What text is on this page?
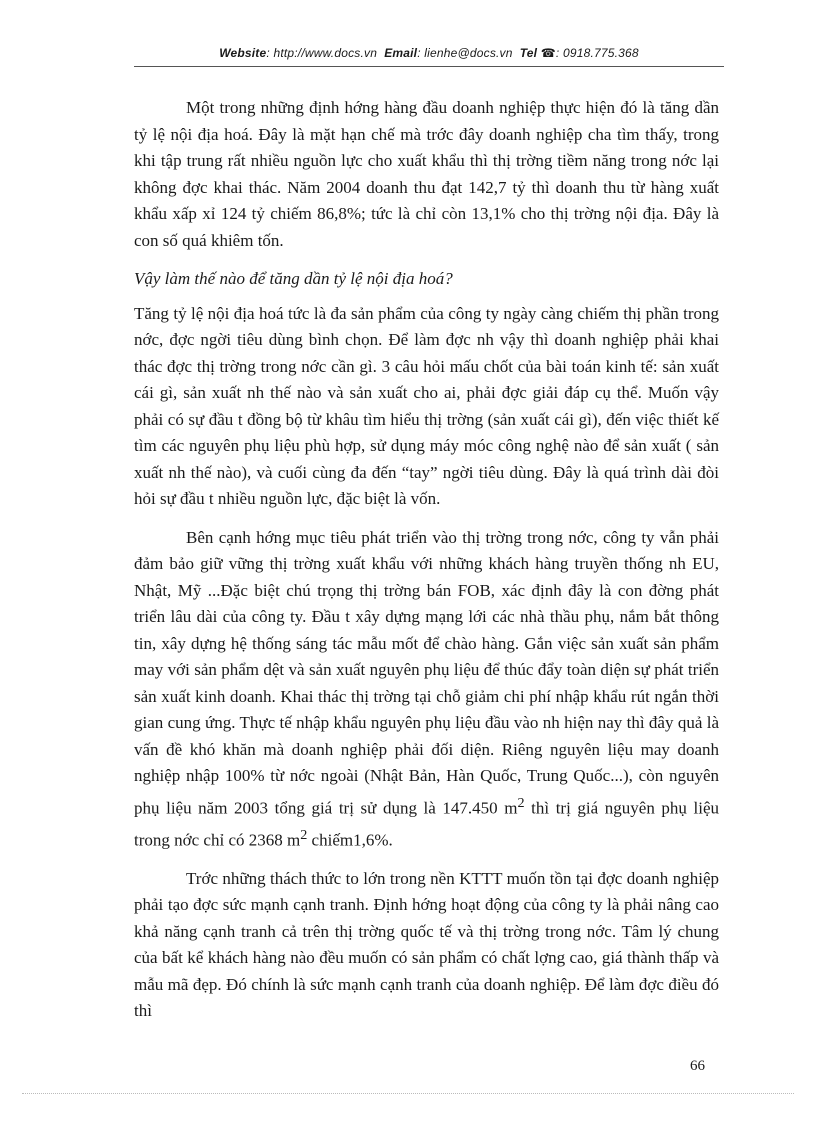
Website: http://www.docs.vn Email: lienhe@docs.vn Tel ☎: 0918.775.368

Một trong những định hớng hàng đầu doanh nghiệp thực hiện đó là tăng dần tỷ lệ nội địa hoá. Đây là mặt hạn chế mà trớc đây doanh nghiệp cha tìm thấy, trong khi tập trung rất nhiều nguồn lực cho xuất khẩu thì thị trờng tiềm năng trong nớc lại không đợc khai thác. Năm 2004 doanh thu đạt 142,7 tỷ thì doanh thu từ hàng xuất khẩu xấp xỉ 124 tỷ chiếm 86,8%; tức là chỉ còn 13,1% cho thị trờng nội địa. Đây là con số quá khiêm tốn.

Vậy làm thế nào để tăng dần tỷ lệ nội địa hoá?

Tăng tỷ lệ nội địa hoá tức là đa sản phẩm của công ty ngày càng chiếm thị phần trong nớc, đợc ngời tiêu dùng bình chọn. Để làm đợc nh vậy thì doanh nghiệp phải khai thác đợc thị trờng trong nớc cần gì. 3 câu hỏi mấu chốt của bài toán kinh tế: sản xuất cái gì, sản xuất nh thế nào và sản xuất cho ai, phải đợc giải đáp cụ thể. Muốn vậy phải có sự đầu t đồng bộ từ khâu tìm hiểu thị trờng (sản xuất cái gì), đến việc thiết kế tìm các nguyên phụ liệu phù hợp, sử dụng máy móc công nghệ nào để sản xuất ( sản xuất nh thế nào), và cuối cùng đa đến “tay” ngời tiêu dùng. Đây là quá trình dài đòi hỏi sự đầu t nhiều nguồn lực, đặc biệt là vốn.

Bên cạnh hớng mục tiêu phát triển vào thị trờng trong nớc, công ty vẫn phải đảm bảo giữ vững thị trờng xuất khẩu với những khách hàng truyền thống nh EU, Nhật, Mỹ ...Đặc biệt chú trọng thị trờng bán FOB, xác định đây là con đờng phát triển lâu dài của công ty. Đầu t xây dựng mạng lới các nhà thầu phụ, nắm bắt thông tin, xây dựng hệ thống sáng tác mẫu mốt để chào hàng. Gắn việc sản xuất sản phẩm may với sản phẩm dệt và sản xuất nguyên phụ liệu để thúc đẩy toàn diện sự phát triển sản xuất kinh doanh. Khai thác thị trờng tại chỗ giảm chi phí nhập khẩu rút ngắn thời gian cung ứng. Thực tế nhập khẩu nguyên phụ liệu đầu vào nh hiện nay thì đây quả là vấn đề khó khăn mà doanh nghiệp phải đối diện. Riêng nguyên liệu may doanh nghiệp nhập 100% từ nớc ngoài (Nhật Bản, Hàn Quốc, Trung Quốc...), còn nguyên phụ liệu năm 2003 tổng giá trị sử dụng là 147.450 $m^2$ thì trị giá nguyên phụ liệu trong nớc chỉ có 2368 $m^2$ chiếm1,6%.

Trớc những thách thức to lớn trong nền KTTT muốn tồn tại đợc doanh nghiệp phải tạo đợc sức mạnh cạnh tranh. Định hớng hoạt động của công ty là phải nâng cao khả năng cạnh tranh cả trên thị trờng quốc tế và thị trờng trong nớc. Tâm lý chung của bất kể khách hàng nào đều muốn có sản phẩm có chất lợng cao, giá thành thấp và mẫu mã đẹp. Đó chính là sức mạnh cạnh tranh của doanh nghiệp. Để làm đợc điều đó thì

66
